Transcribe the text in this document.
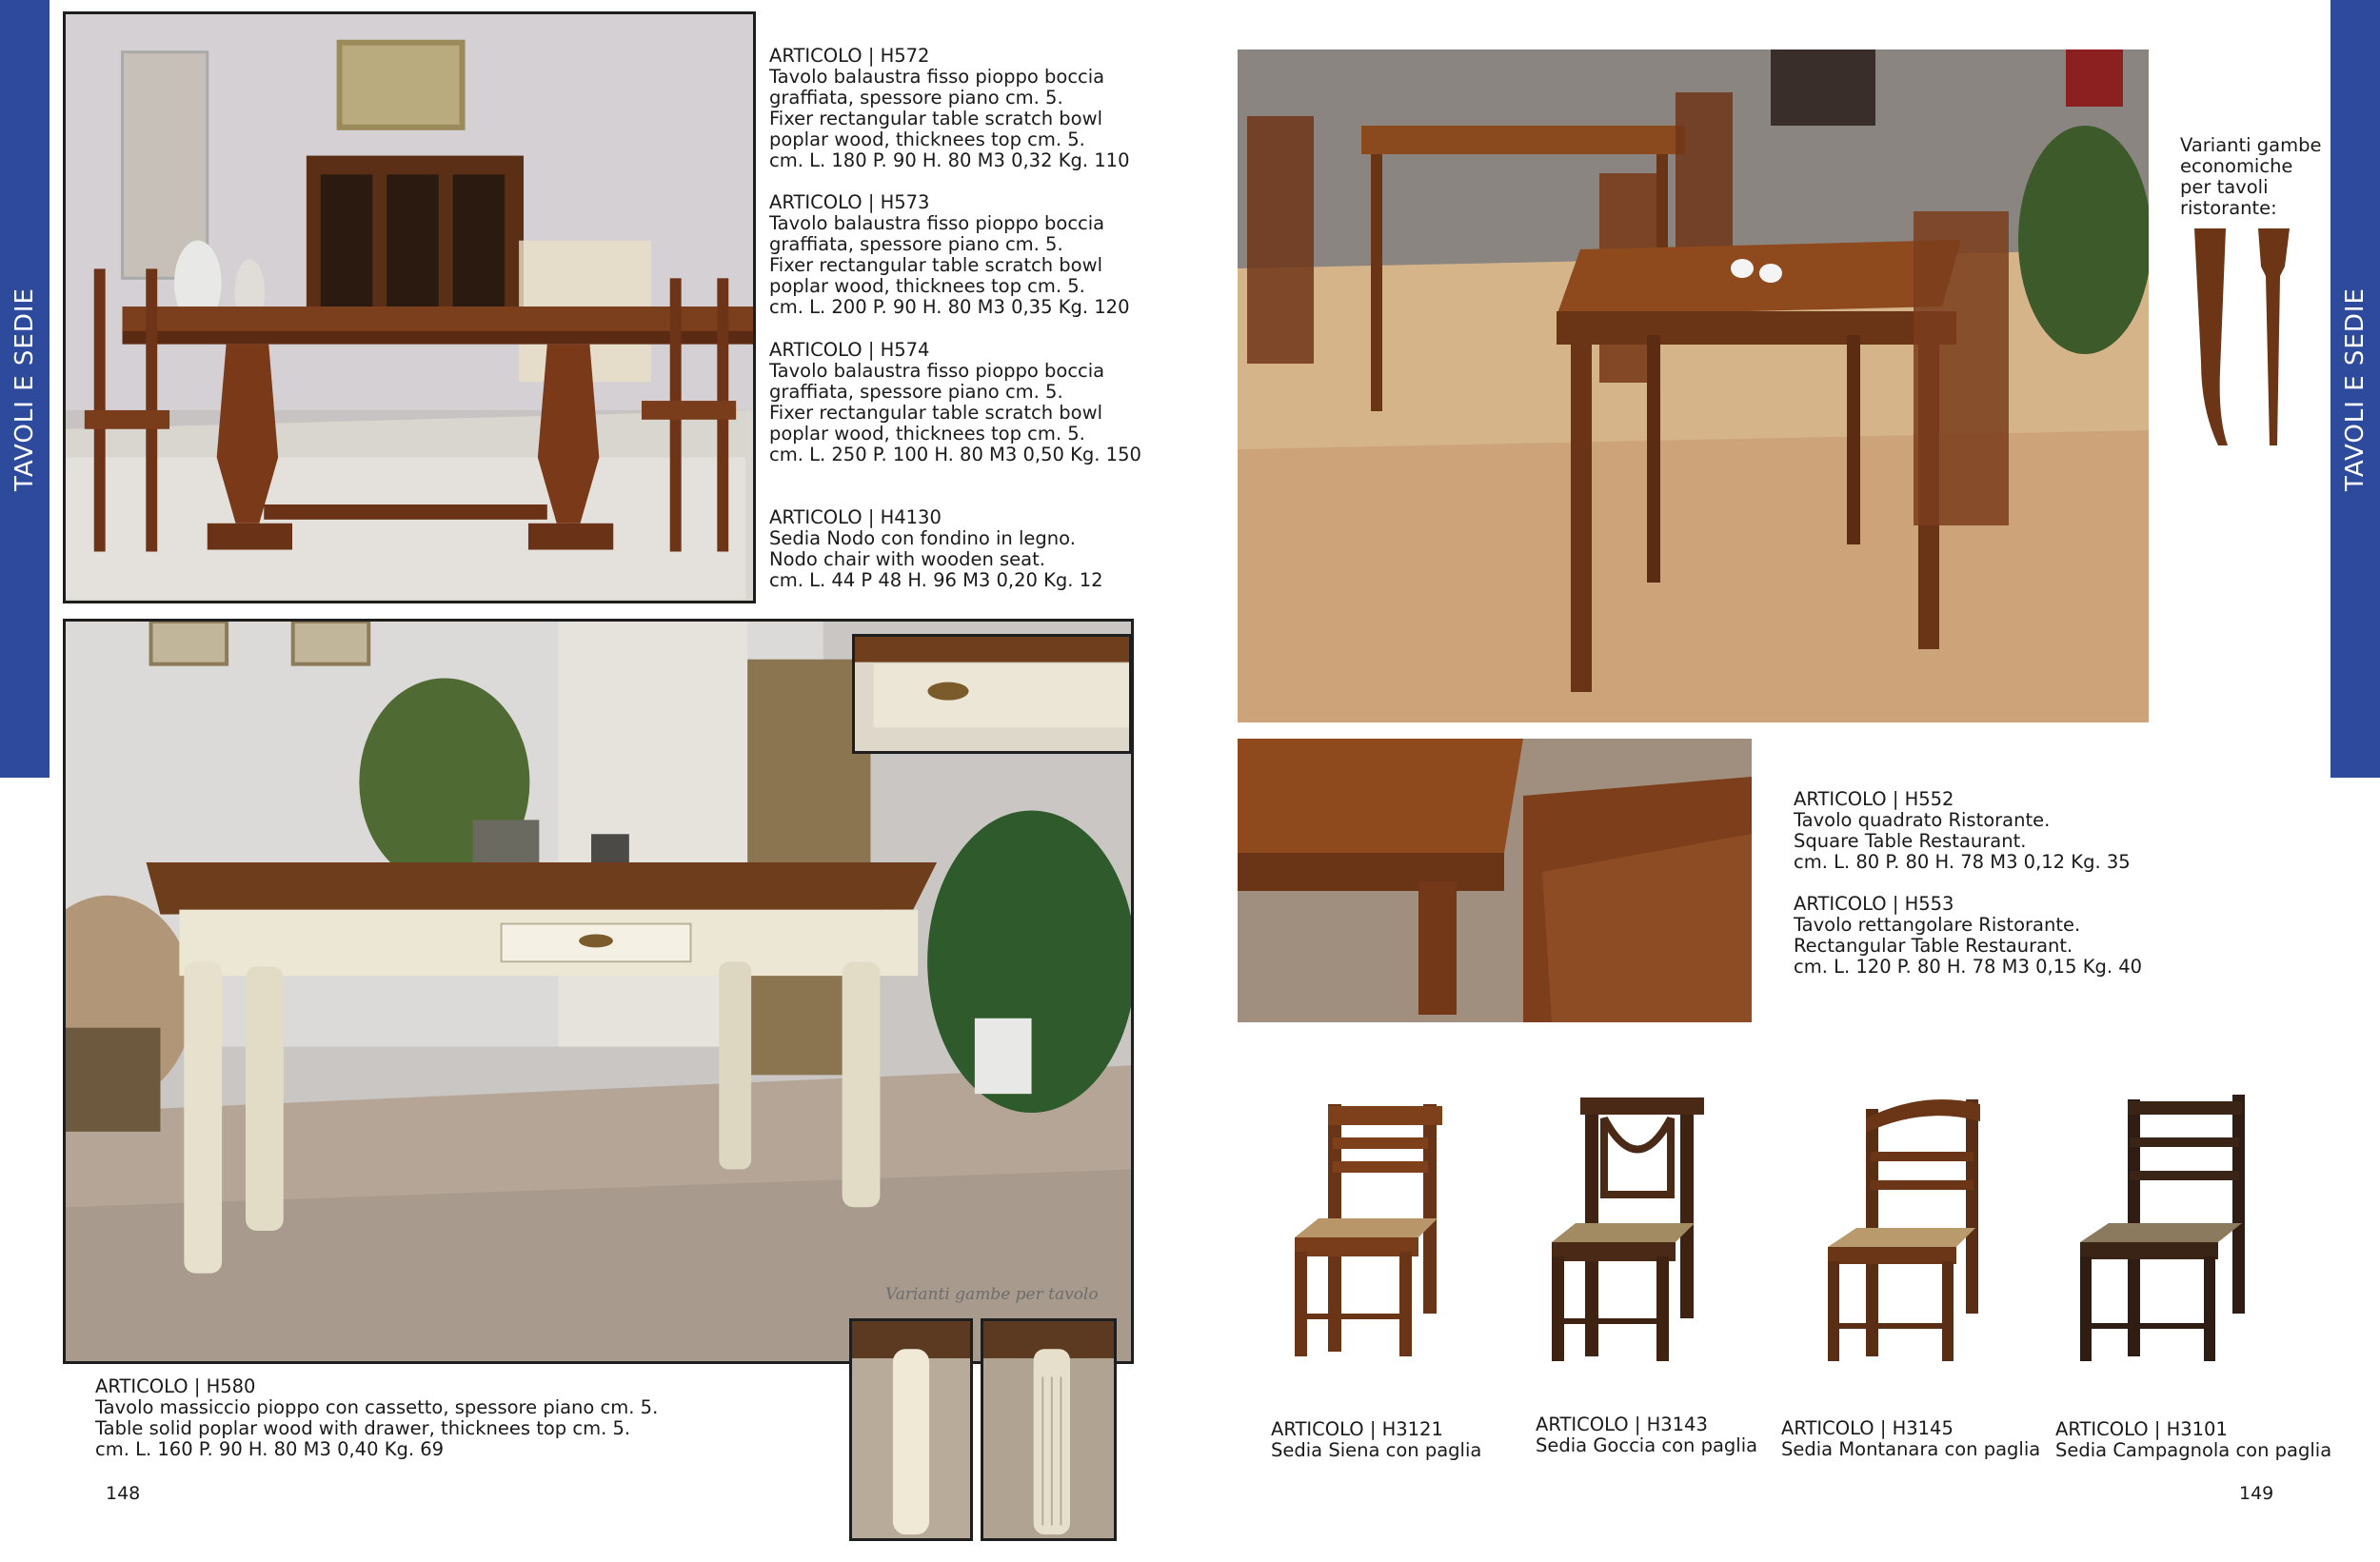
TAVOLI E SEDIE	TAVOLI E SEDIE
ARTICOLO | H572
Tavolo balaustra fisso pioppo boccia
graffiata, spessore piano cm. 5.
Fixer rectangular table scratch bowl
poplar wood, thicknees top cm. 5.
cm. L. 180 P. 90 H. 80 M3 0,32 Kg. 110
ARTICOLO | H573
Tavolo balaustra fisso pioppo boccia
graffiata, spessore piano cm. 5.
Fixer rectangular table scratch bowl
poplar wood, thicknees top cm. 5.
cm. L. 200 P. 90 H. 80 M3 0,35 Kg. 120
ARTICOLO | H574
Tavolo balaustra fisso pioppo boccia
graffiata, spessore piano cm. 5.
Fixer rectangular table scratch bowl
poplar wood, thicknees top cm. 5.
cm. L. 250 P. 100 H. 80 M3 0,50 Kg. 150
ARTICOLO | H4130
Sedia Nodo con fondino in legno.
Nodo chair with wooden seat.
cm. L. 44 P 48 H. 96 M3 0,20 Kg. 12
Varianti gambe per tavolo
ARTICOLO | H580
Tavolo massiccio pioppo con cassetto, spessore piano cm. 5.
Table solid poplar wood with drawer, thicknees top cm. 5.
cm. L. 160 P. 90 H. 80 M3 0,40 Kg. 69
148
Varianti gambe
economiche
per tavoli
ristorante:
ARTICOLO | H552
Tavolo quadrato Ristorante.
Square Table Restaurant.
cm. L. 80 P. 80 H. 78 M3 0,12 Kg. 35
ARTICOLO | H553
Tavolo rettangolare Ristorante.
Rectangular Table Restaurant.
cm. L. 120 P. 80 H. 78 M3 0,15 Kg. 40
ARTICOLO | H3121
Sedia Siena con paglia
ARTICOLO | H3143
Sedia Goccia con paglia
ARTICOLO | H3145
Sedia Montanara con paglia
ARTICOLO | H3101
Sedia Campagnola con paglia
149
